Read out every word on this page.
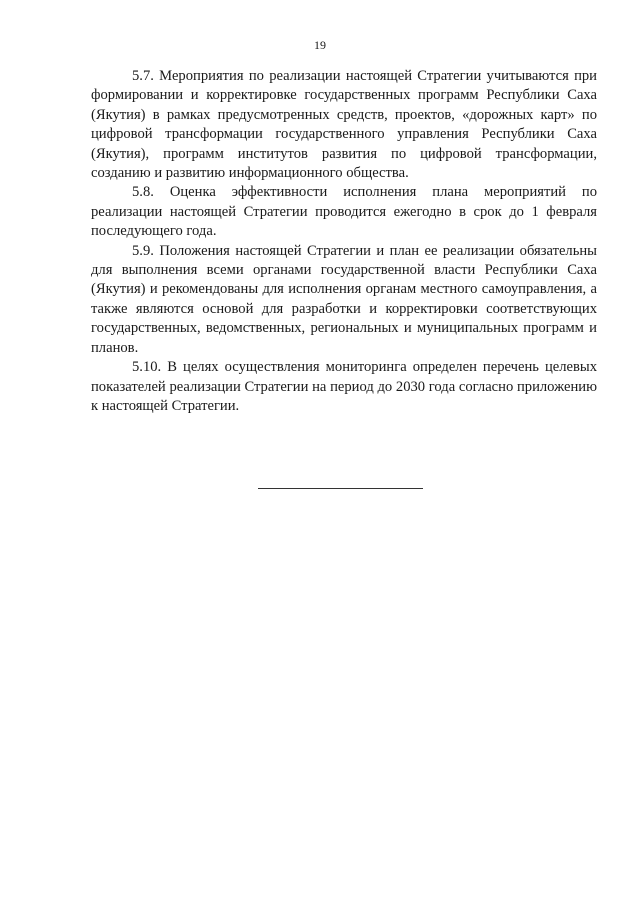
19

5.7. Мероприятия по реализации настоящей Стратегии учитываются при формировании и корректировке государственных программ Республики Саха (Якутия) в рамках предусмотренных средств, проектов, «дорожных карт» по цифровой трансформации государственного управления Республики Саха (Якутия), программ институтов развития по цифровой трансформации, созданию и развитию информационного общества.

5.8. Оценка эффективности исполнения плана мероприятий по реализации настоящей Стратегии проводится ежегодно в срок до 1 февраля последующего года.

5.9. Положения настоящей Стратегии и план ее реализации обязательны для выполнения всеми органами государственной власти Республики Саха (Якутия) и рекомендованы для исполнения органам местного самоуправления, а также являются основой для разработки и корректировки соответствующих государственных, ведомственных, региональных и муниципальных программ и планов.

5.10. В целях осуществления мониторинга определен перечень целевых показателей реализации Стратегии на период до 2030 года согласно приложению к настоящей Стратегии.
